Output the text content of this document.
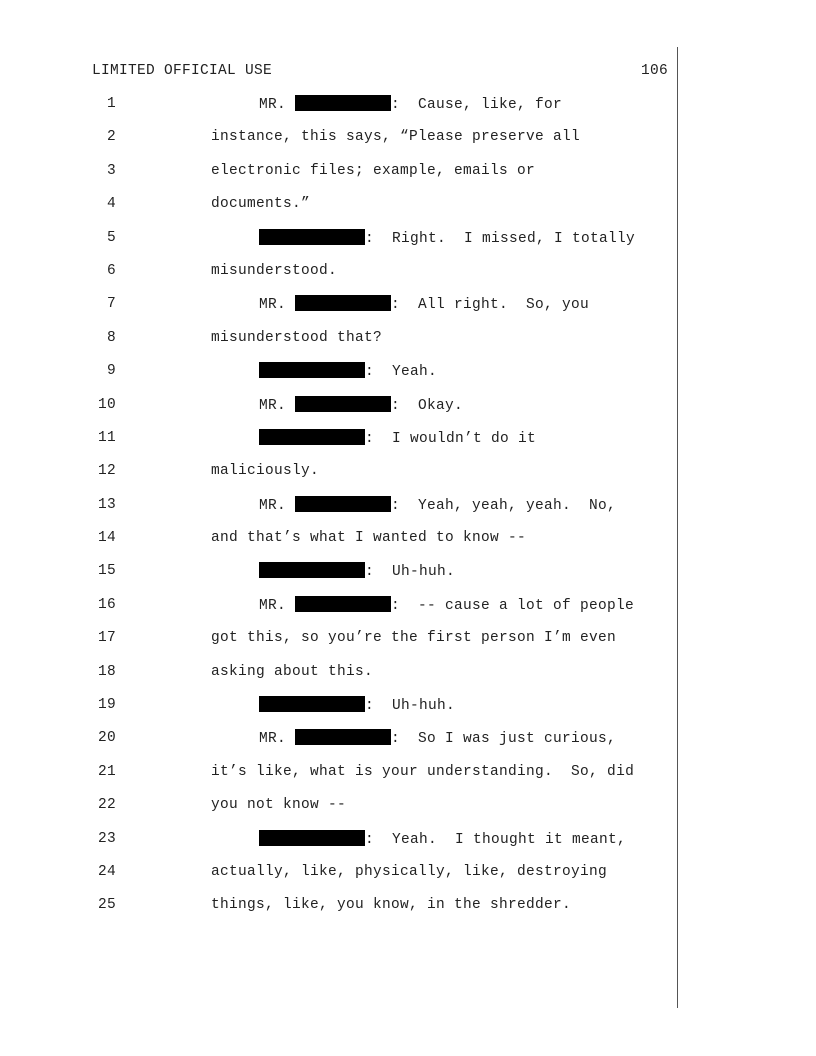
LIMITED OFFICIAL USE	106
1	MR.	:  Cause, like, for
2	instance, this says, “Please preserve all
3	electronic files; example, emails or
4	documents.”
5	:  Right.  I missed, I totally
6	misunderstood.
7	MR.	:  All right.  So, you
8	misunderstood that?
9	:  Yeah.
10	MR.	:  Okay.
11	:  I wouldn’t do it
12	maliciously.
13	MR.	:  Yeah, yeah, yeah.  No,
14	and that’s what I wanted to know --
15	:  Uh-huh.
16	MR.	:  -- cause a lot of people
17	got this, so you’re the first person I’m even
18	asking about this.
19	:  Uh-huh.
20	MR.	:  So I was just curious,
21	it’s like, what is your understanding.  So, did
22	you not know --
23	:  Yeah.  I thought it meant,
24	actually, like, physically, like, destroying
25	things, like, you know, in the shredder.
